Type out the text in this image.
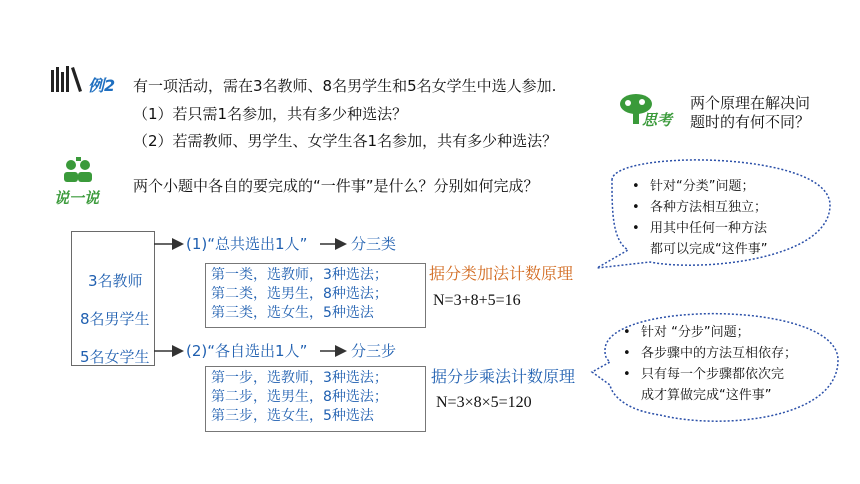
例2 有一项活动，需在3名教师、8名男学生和5名女学生中选人参加.
（1）若只需1名参加，共有多少种选法？
（2）若需教师、男学生、女学生各1名参加，共有多少种选法？
思考
两个原理在解决问
题时的有何不同？
说一说
两个小题中各自的要完成的“一件事”是什么？分别如何完成？
3名教师
8名男学生
5名女学生
(1)“总共选出1人”	分三类
第一类，选教师，3种选法；
第二类，选男生，8种选法；
第三类，选女生，5种选法
据分类加法计数原理
N=3+8+5=16
(2)“各自选出1人”	分三步
第一步，选教师，3种选法；
第二步，选男生，8种选法；
第三步，选女生，5种选法
据分步乘法计数原理
N=3×8×5=120
• 针对“分类”问题；
• 各种方法相互独立；
• 用其中任何一种方法
都可以完成“这件事”
• 针对 “分步”问题；
• 各步骤中的方法互相依存；
• 只有每一个步骤都依次完
成才算做完成“这件事”
